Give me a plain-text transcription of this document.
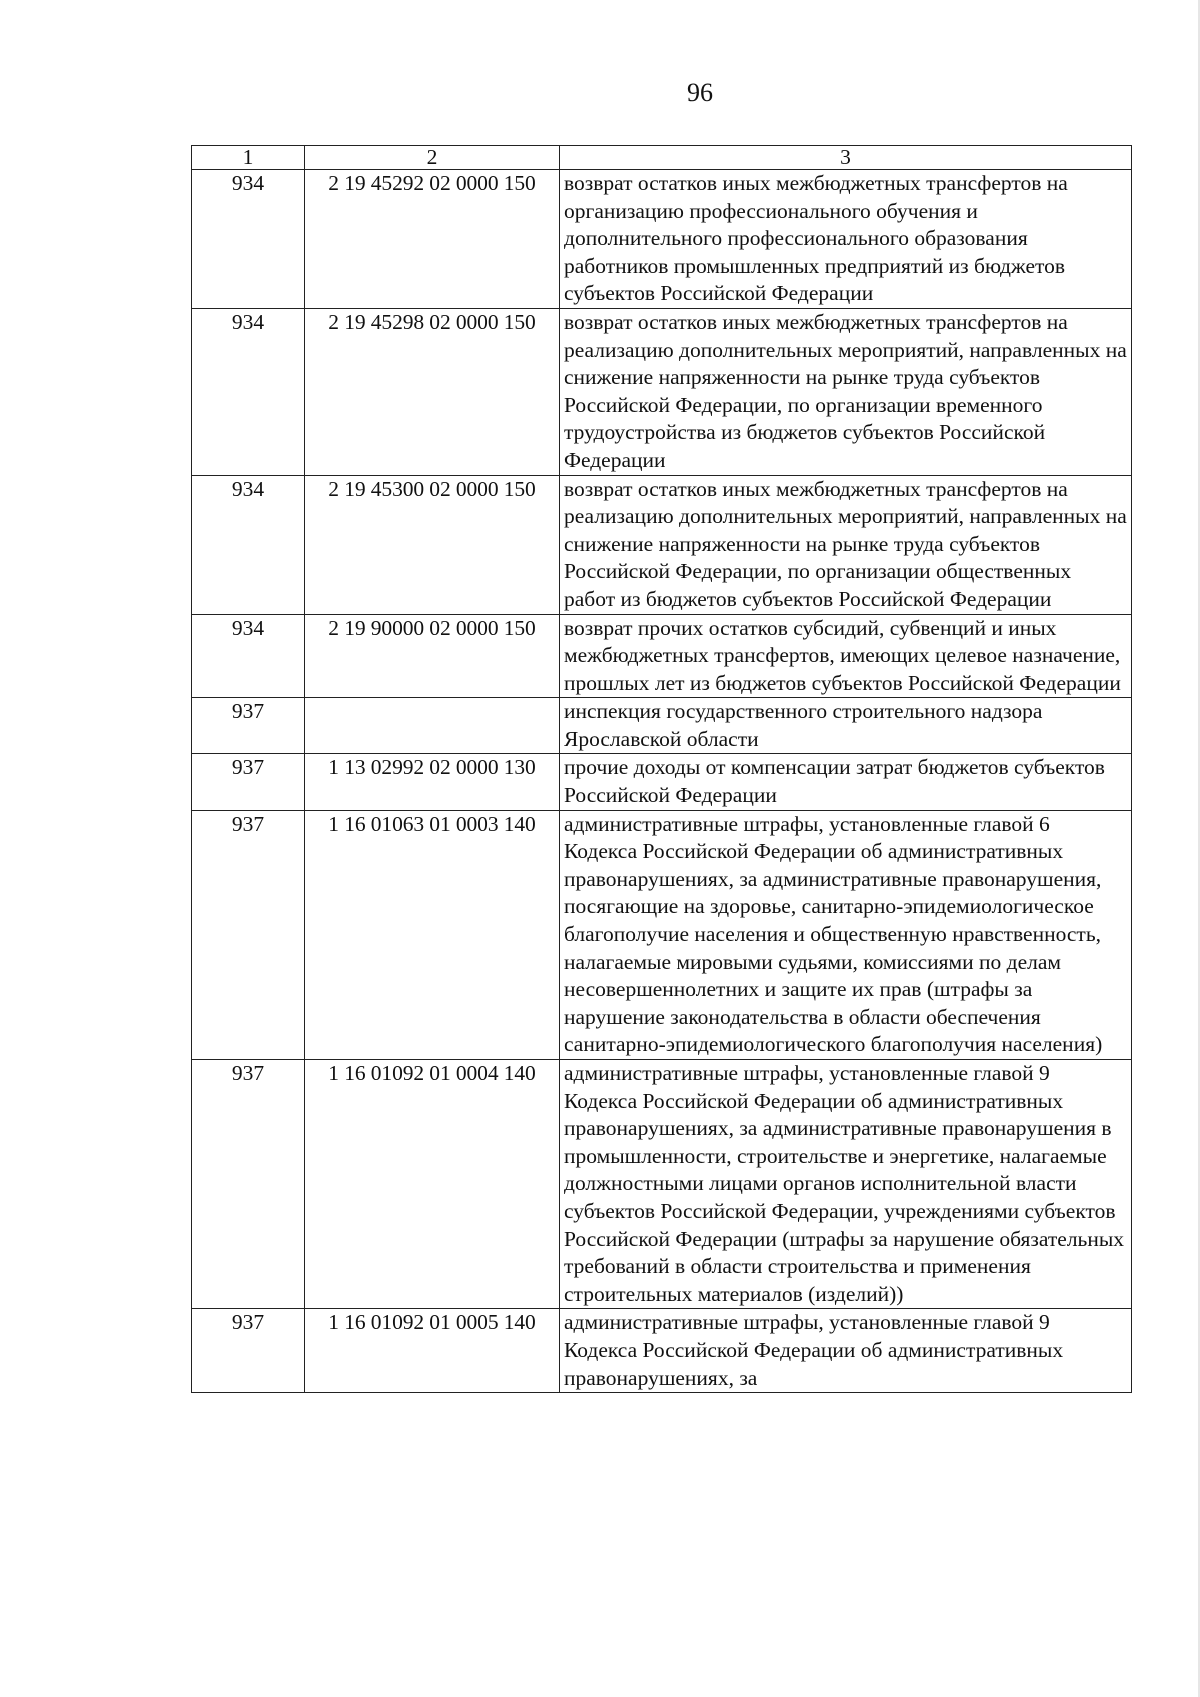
96
1	2	3
934	2 19 45292 02 0000 150	возврат остатков иных межбюджетных трансфертов на организацию профессионального обучения и дополнительного профессионального образования работников промышленных предприятий из бюджетов субъектов Российской Федерации
934	2 19 45298 02 0000 150	возврат остатков иных межбюджетных трансфертов на реализацию дополнительных мероприятий, направленных на снижение напряженности на рынке труда субъектов Российской Федерации, по организации временного трудоустройства из бюджетов субъектов Российской Федерации
934	2 19 45300 02 0000 150	возврат остатков иных межбюджетных трансфертов на реализацию дополнительных мероприятий, направленных на снижение напряженности на рынке труда субъектов Российской Федерации, по организации общественных работ из бюджетов субъектов Российской Федерации
934	2 19 90000 02 0000 150	возврат прочих остатков субсидий, субвенций и иных межбюджетных трансфертов, имеющих целевое назначение, прошлых лет из бюджетов субъектов Российской Федерации
937		инспекция государственного строительного надзора Ярославской области
937	1 13 02992 02 0000 130	прочие доходы от компенсации затрат бюджетов субъектов Российской Федерации
937	1 16 01063 01 0003 140	административные штрафы, установленные главой 6 Кодекса Российской Федерации об административных правонарушениях, за административные правонарушения, посягающие на здоровье, санитарно-эпидемиологическое благополучие населения и общественную нравственность, налагаемые мировыми судьями, комиссиями по делам несовершеннолетних и защите их прав (штрафы за нарушение законодательства в области обеспечения санитарно-эпидемиологического благополучия населения)
937	1 16 01092 01 0004 140	административные штрафы, установленные главой 9 Кодекса Российской Федерации об административных правонарушениях, за административные правонарушения в промышленности, строительстве и энергетике, налагаемые должностными лицами органов исполнительной власти субъектов Российской Федерации, учреждениями субъектов Российской Федерации (штрафы за нарушение обязательных требований в области строительства и применения строительных материалов (изделий))
937	1 16 01092 01 0005 140	административные штрафы, установленные главой 9 Кодекса Российской Федерации об административных правонарушениях, за
